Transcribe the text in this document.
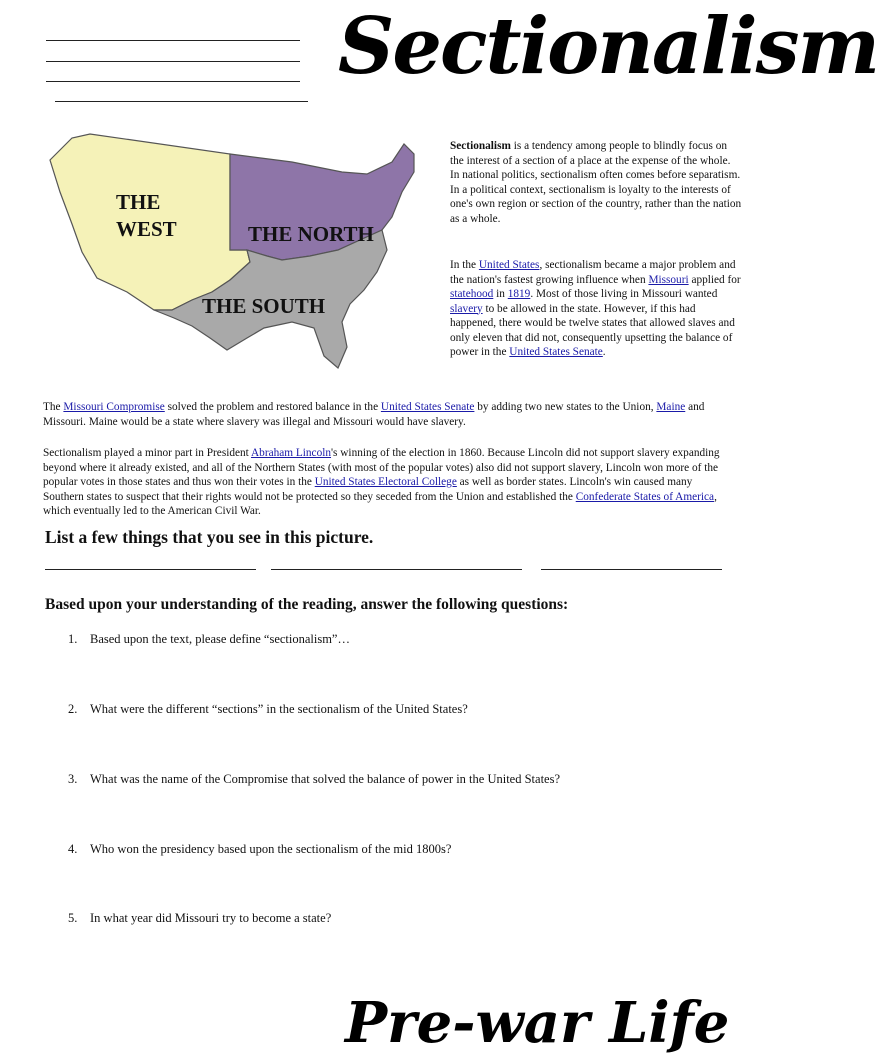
Sectionalism
THE
WEST	THE NORTH
THE SOUTH
Sectionalism is a tendency among people to blindly focus on the interest of a section of a place at the expense of the whole. In national politics, sectionalism often comes before separatism. In a political context, sectionalism is loyalty to the interests of one's own region or section of the country, rather than the nation as a whole.
In the United States, sectionalism became a major problem and the nation's fastest growing influence when Missouri applied for statehood in 1819. Most of those living in Missouri wanted slavery to be allowed in the state. However, if this had happened, there would be twelve states that allowed slaves and only eleven that did not, consequently upsetting the balance of power in the United States Senate.
The Missouri Compromise solved the problem and restored balance in the United States Senate by adding two new states to the Union, Maine and Missouri. Maine would be a state where slavery was illegal and Missouri would have slavery.
Sectionalism played a minor part in President Abraham Lincoln's winning of the election in 1860. Because Lincoln did not support slavery expanding beyond where it already existed, and all of the Northern States (with most of the popular votes) also did not support slavery, Lincoln won more of the popular votes in those states and thus won their votes in the United States Electoral College as well as border states. Lincoln's win caused many Southern states to suspect that their rights would not be protected so they seceded from the Union and established the Confederate States of America, which eventually led to the American Civil War.
List a few things that you see in this picture.
Based upon your understanding of the reading, answer the following questions:
1. Based upon the text, please define “sectionalism”…
2. What were the different “sections” in the sectionalism of the United States?
3. What was the name of the Compromise that solved the balance of power in the United States?
4. Who won the presidency based upon the sectionalism of the mid 1800s?
5. In what year did Missouri try to become a state?
Pre-war Life
